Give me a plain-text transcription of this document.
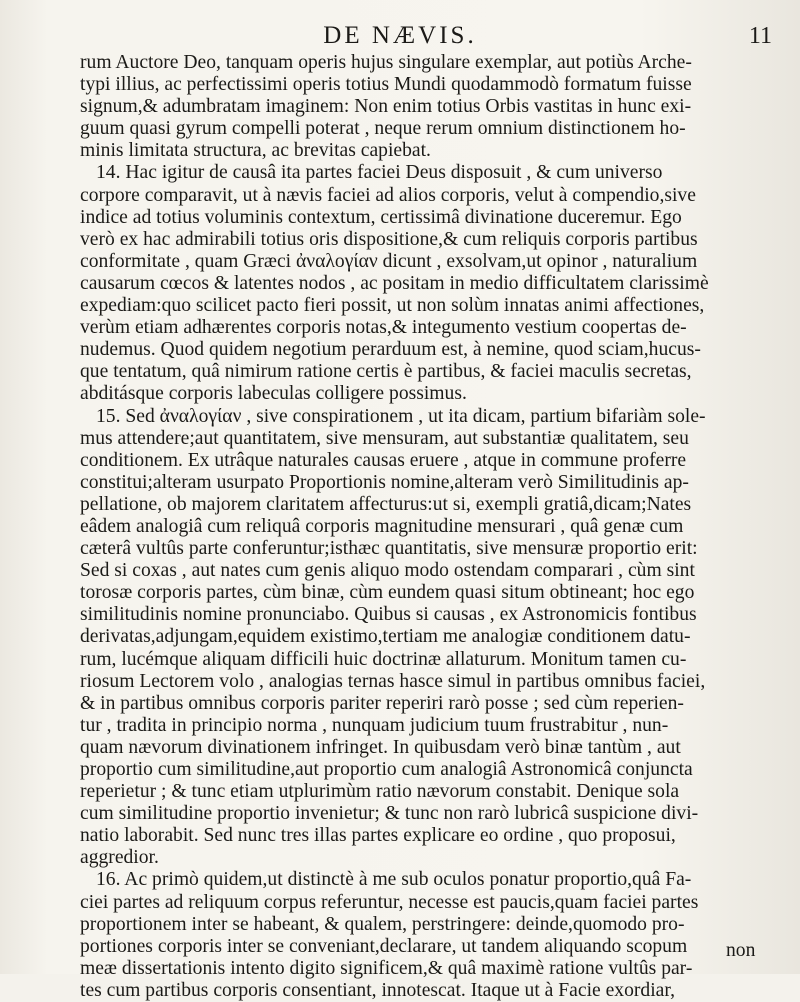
DE NÆVIS.	11
rum Auctore Deo, tanquam operis hujus singulare exemplar, aut potiùs Arche-
typi illius, ac perfectissimi operis totius Mundi quodammodò formatum fuisse
signum,& adumbratam imaginem: Non enim totius Orbis vastitas in hunc exi-
guum quasi gyrum compelli poterat , neque rerum omnium distinctionem ho-
minis limitata structura, ac brevitas capiebat.
14. Hac igitur de causâ ita partes faciei Deus disposuit , & cum universo
corpore comparavit, ut à nævis faciei ad alios corporis, velut à compendio,sive
indice ad totius voluminis contextum, certissimâ divinatione duceremur. Ego
verò ex hac admirabili totius oris dispositione,& cum reliquis corporis partibus
conformitate , quam Græci ἀναλογίαν dicunt , exsolvam,ut opinor , naturalium
causarum cœcos & latentes nodos , ac positam in medio difficultatem clarissimè
expediam:quo scilicet pacto fieri possit, ut non solùm innatas animi affectiones,
verùm etiam adhærentes corporis notas,& integumento vestium coopertas de-
nudemus. Quod quidem negotium perarduum est, à nemine, quod sciam,hucus-
que tentatum, quâ nimirum ratione certis è partibus, & faciei maculis secretas,
abditásque corporis labeculas colligere possimus.
15. Sed ἀναλογίαν , sive conspirationem , ut ita dicam, partium bifariàm sole-
mus attendere;aut quantitatem, sive mensuram, aut substantiæ qualitatem, seu
conditionem. Ex utrâque naturales causas eruere , atque in commune proferre
constitui;alteram usurpato Proportionis nomine,alteram verò Similitudinis ap-
pellatione, ob majorem claritatem affecturus:ut si, exempli gratiâ,dicam;Nates
eâdem analogiâ cum reliquâ corporis magnitudine mensurari , quâ genæ cum
cæterâ vultûs parte conferuntur;isthæc quantitatis, sive mensuræ proportio erit:
Sed si coxas , aut nates cum genis aliquo modo ostendam comparari , cùm sint
torosæ corporis partes, cùm binæ, cùm eundem quasi situm obtineant; hoc ego
similitudinis nomine pronunciabo. Quibus si causas , ex Astronomicis fontibus
derivatas,adjungam,equidem existimo,tertiam me analogiæ conditionem datu-
rum, lucémque aliquam difficili huic doctrinæ allaturum. Monitum tamen cu-
riosum Lectorem volo , analogias ternas hasce simul in partibus omnibus faciei,
& in partibus omnibus corporis pariter reperiri rarò posse ; sed cùm reperien-
tur , tradita in principio norma , nunquam judicium tuum frustrabitur , nun-
quam nævorum divinationem infringet. In quibusdam verò binæ tantùm , aut
proportio cum similitudine,aut proportio cum analogiâ Astronomicâ conjuncta
reperietur ; & tunc etiam utplurimùm ratio nævorum constabit. Denique sola
cum similitudine proportio invenietur; & tunc non rarò lubricâ suspicione divi-
natio laborabit. Sed nunc tres illas partes explicare eo ordine , quo proposui,
aggredior.
16. Ac primò quidem,ut distinctè à me sub oculos ponatur proportio,quâ Fa-
ciei partes ad reliquum corpus referuntur, necesse est paucis,quam faciei partes
proportionem inter se habeant, & qualem, perstringere: deinde,quomodo pro-
portiones corporis inter se conveniant,declarare, ut tandem aliquando scopum
meæ dissertationis intento digito significem,& quâ maximè ratione vultûs par-
tes cum partibus corporis consentiant, innotescat. Itaque ut à Facie exordiar,
non
